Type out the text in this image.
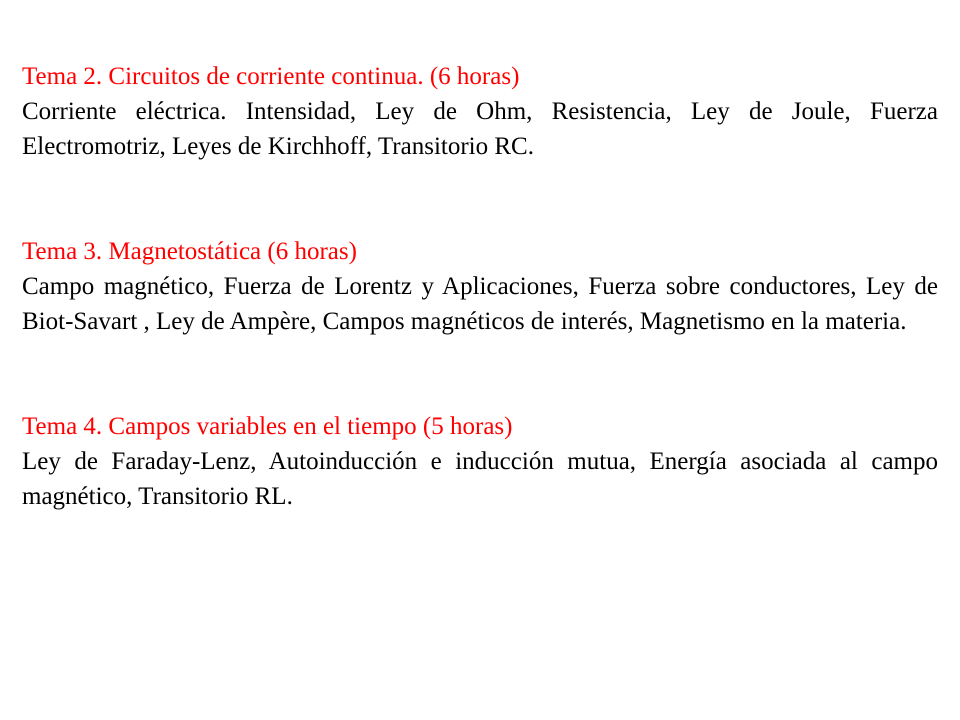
Tema 2. Circuitos de corriente continua. (6 horas)

Corriente eléctrica. Intensidad, Ley de Ohm, Resistencia, Ley de Joule, Fuerza Electromotriz, Leyes de Kirchhoff, Transitorio RC.

Tema 3. Magnetostática (6 horas)

Campo magnético, Fuerza de Lorentz y Aplicaciones, Fuerza sobre conductores, Ley de Biot-Savart , Ley de Ampère, Campos magnéticos de interés, Magnetismo en la materia.

Tema 4. Campos variables en el tiempo (5 horas)

Ley de Faraday-Lenz, Autoinducción e inducción mutua, Energía asociada al campo magnético, Transitorio RL.
